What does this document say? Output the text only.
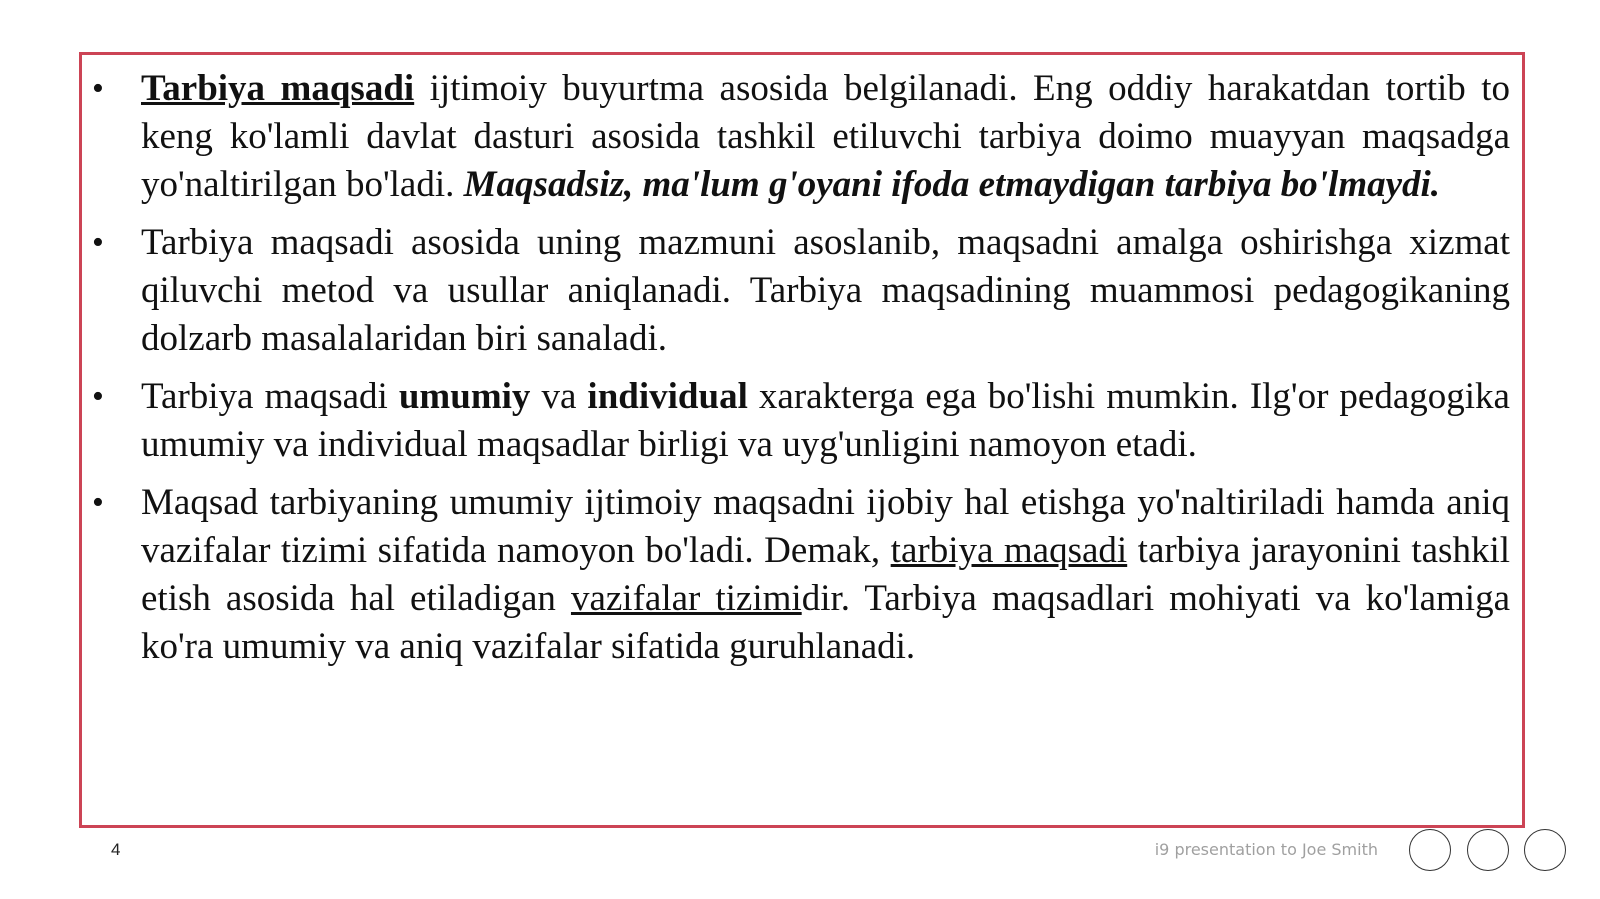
• Tarbiya maqsadi ijtimoiy buyurtma asosida belgilanadi. Eng oddiy harakatdan tortib to keng ko'lamli davlat dasturi asosida tashkil etiluvchi tarbiya doimo muayyan maqsadga yo'naltirilgan bo'ladi. Maqsadsiz, ma'lum g'oyani ifoda etmaydigan tarbiya bo'lmaydi.
• Tarbiya maqsadi asosida uning mazmuni asoslanib, maqsadni amalga oshirishga xizmat qiluvchi metod va usullar aniqlanadi. Tarbiya maqsadining muammosi pedagogikaning dolzarb masalalaridan biri sanaladi.
• Tarbiya maqsadi umumiy va individual xarakterga ega bo'lishi mumkin. Ilg'or pedagogika umumiy va individual maqsadlar birligi va uyg'unligini namoyon etadi.
• Maqsad tarbiyaning umumiy ijtimoiy maqsadni ijobiy hal etishga yo'naltiriladi hamda aniq vazifalar tizimi sifatida namoyon bo'ladi. Demak, tarbiya maqsadi tarbiya jarayonini tashkil etish asosida hal etiladigan vazifalar tizimidir. Tarbiya maqsadlari mohiyati va ko'lamiga ko'ra umumiy va aniq vazifalar sifatida guruhlanadi.
4	i9 presentation to Joe Smith
